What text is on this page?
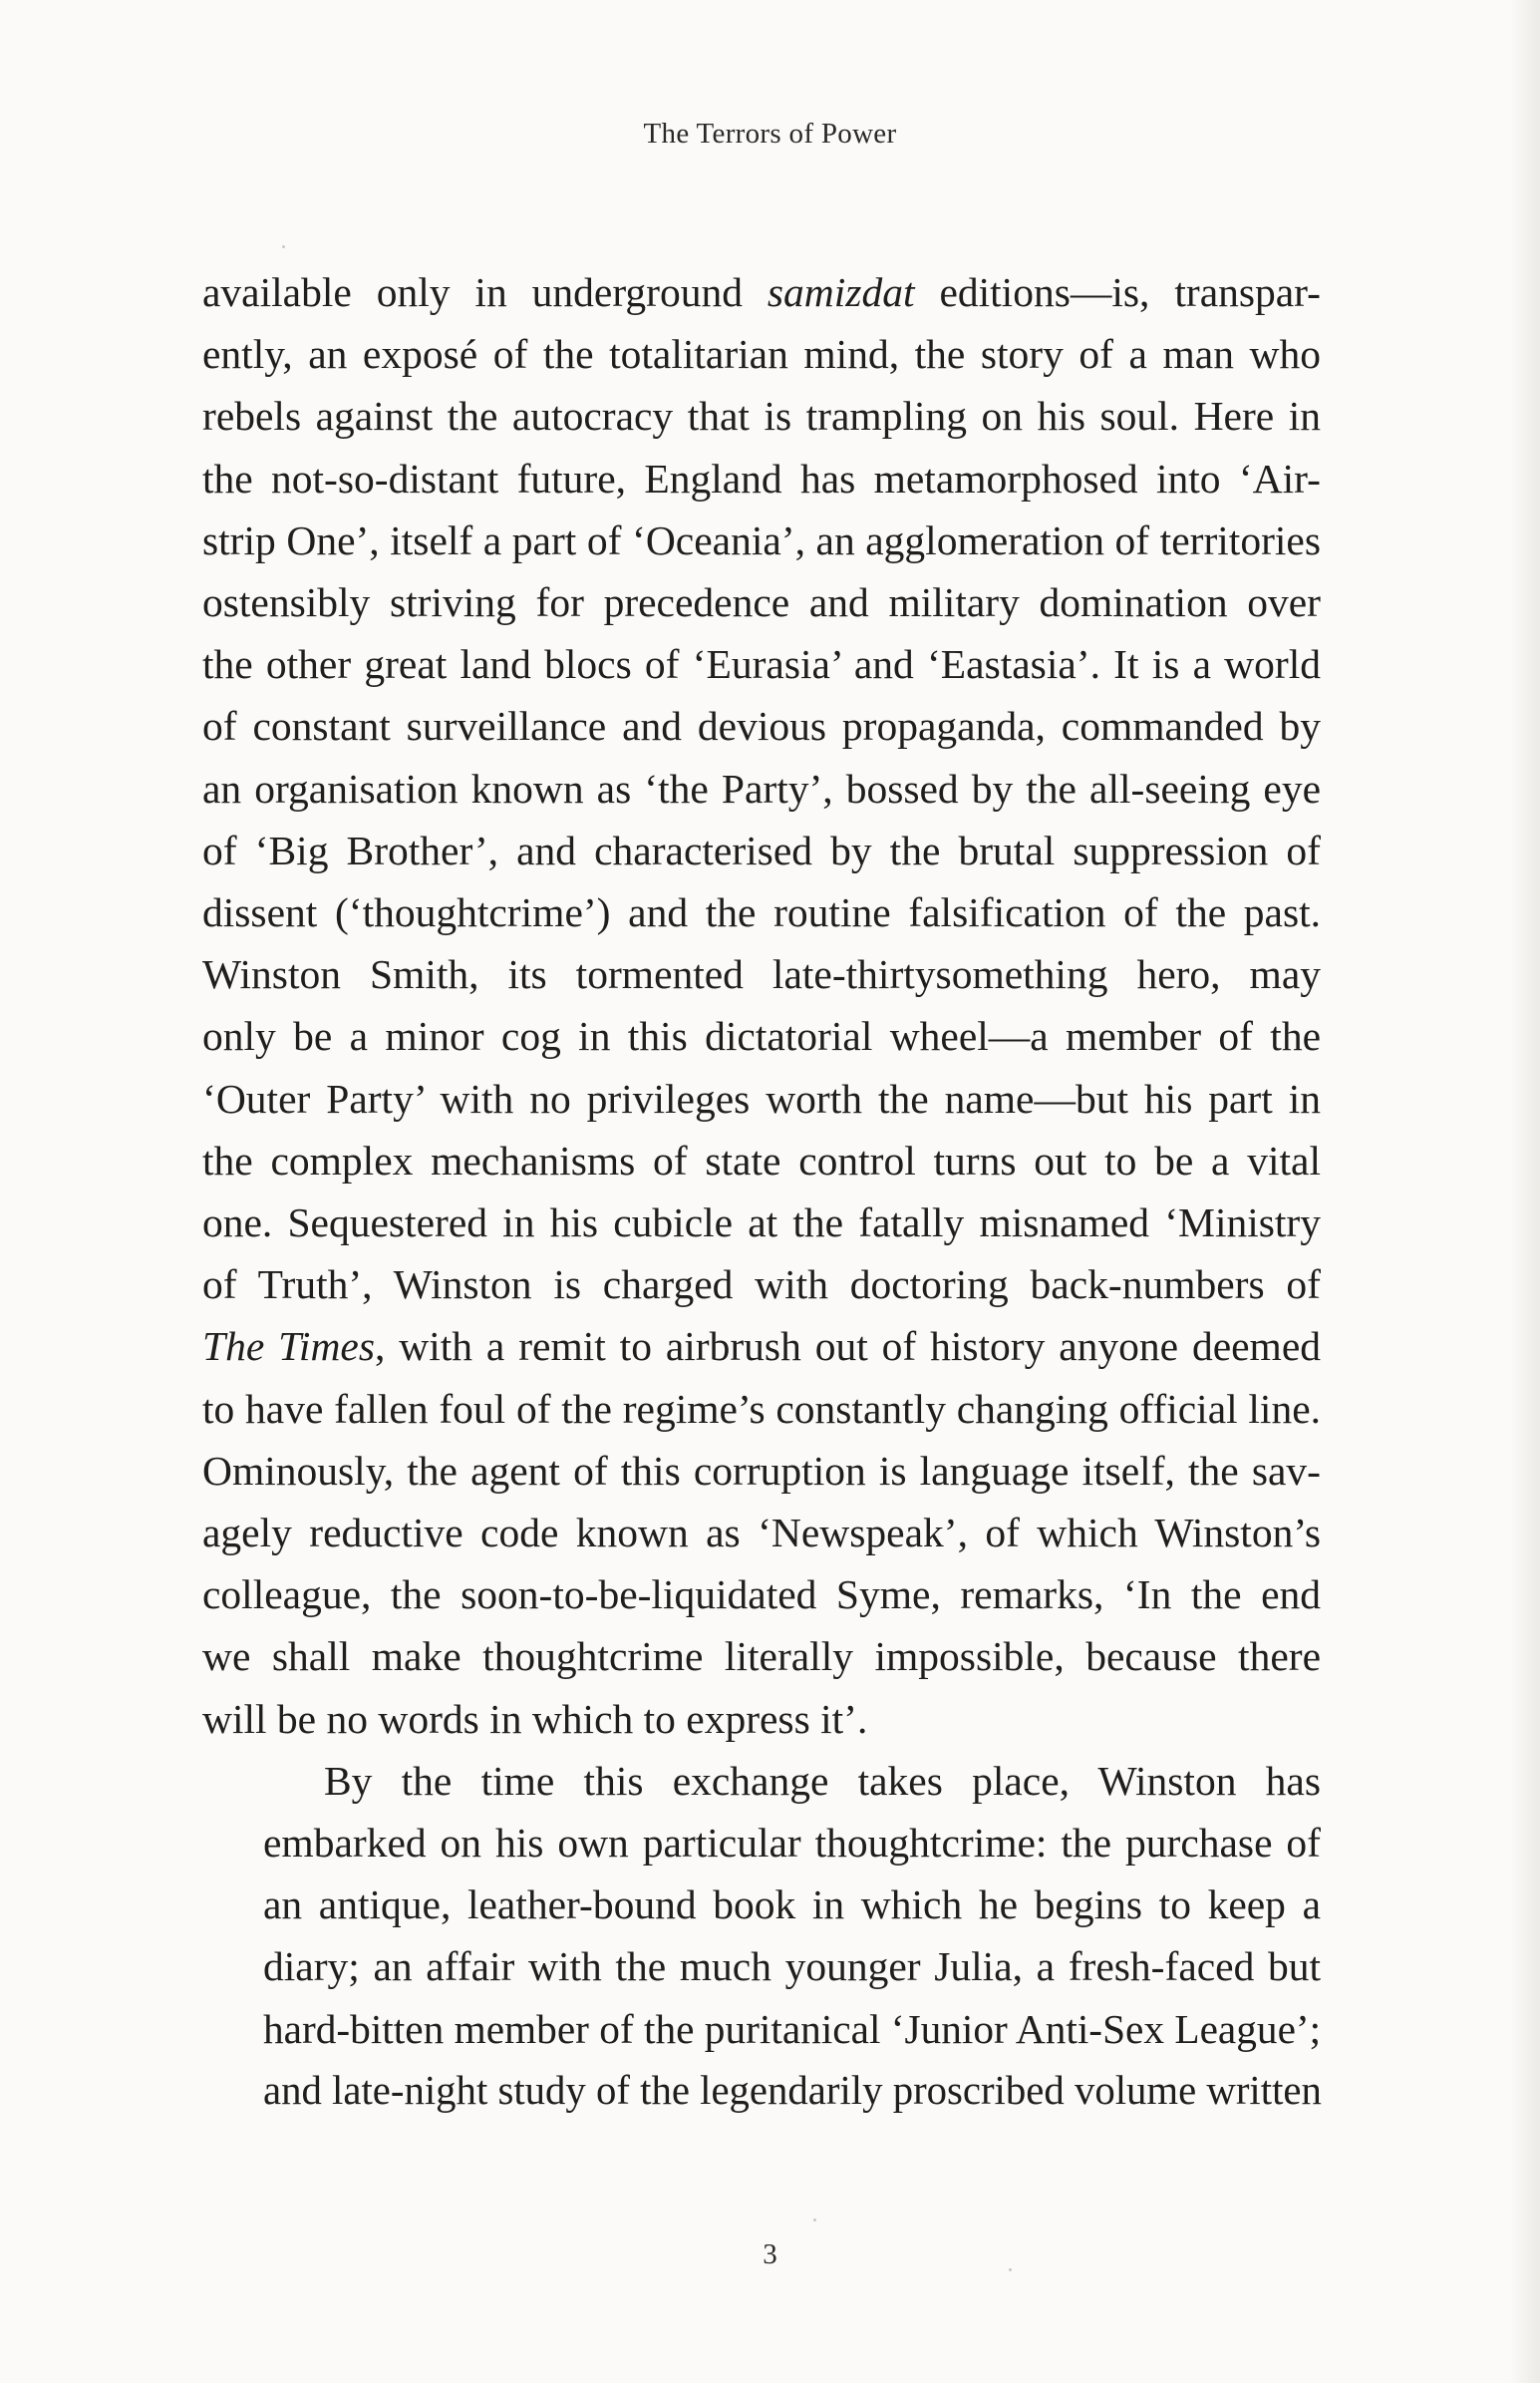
The Terrors of Power

available only in underground samizdat editions—is, transpar-
ently, an exposé of the totalitarian mind, the story of a man who
rebels against the autocracy that is trampling on his soul. Here in
the not-so-distant future, England has metamorphosed into ‘Air-
strip One’, itself a part of ‘Oceania’, an agglomeration of territories
ostensibly striving for precedence and military domination over
the other great land blocs of ‘Eurasia’ and ‘Eastasia’. It is a world
of constant surveillance and devious propaganda, commanded by
an organisation known as ‘the Party’, bossed by the all-seeing eye
of ‘Big Brother’, and characterised by the brutal suppression of
dissent (‘thoughtcrime’) and the routine falsification of the past.
Winston Smith, its tormented late-thirtysomething hero, may
only be a minor cog in this dictatorial wheel—a member of the
‘Outer Party’ with no privileges worth the name—but his part in
the complex mechanisms of state control turns out to be a vital
one. Sequestered in his cubicle at the fatally misnamed ‘Ministry
of Truth’, Winston is charged with doctoring back-numbers of
The Times, with a remit to airbrush out of history anyone deemed
to have fallen foul of the regime’s constantly changing official line.
Ominously, the agent of this corruption is language itself, the sav-
agely reductive code known as ‘Newspeak’, of which Winston’s
colleague, the soon-to-be-liquidated Syme, remarks, ‘In the end
we shall make thoughtcrime literally impossible, because there
will be no words in which to express it’.

By the time this exchange takes place, Winston has
embarked on his own particular thoughtcrime: the purchase of
an antique, leather-bound book in which he begins to keep a
diary; an affair with the much younger Julia, a fresh-faced but
hard-bitten member of the puritanical ‘Junior Anti-Sex League’;
and late-night study of the legendarily proscribed volume written

3
